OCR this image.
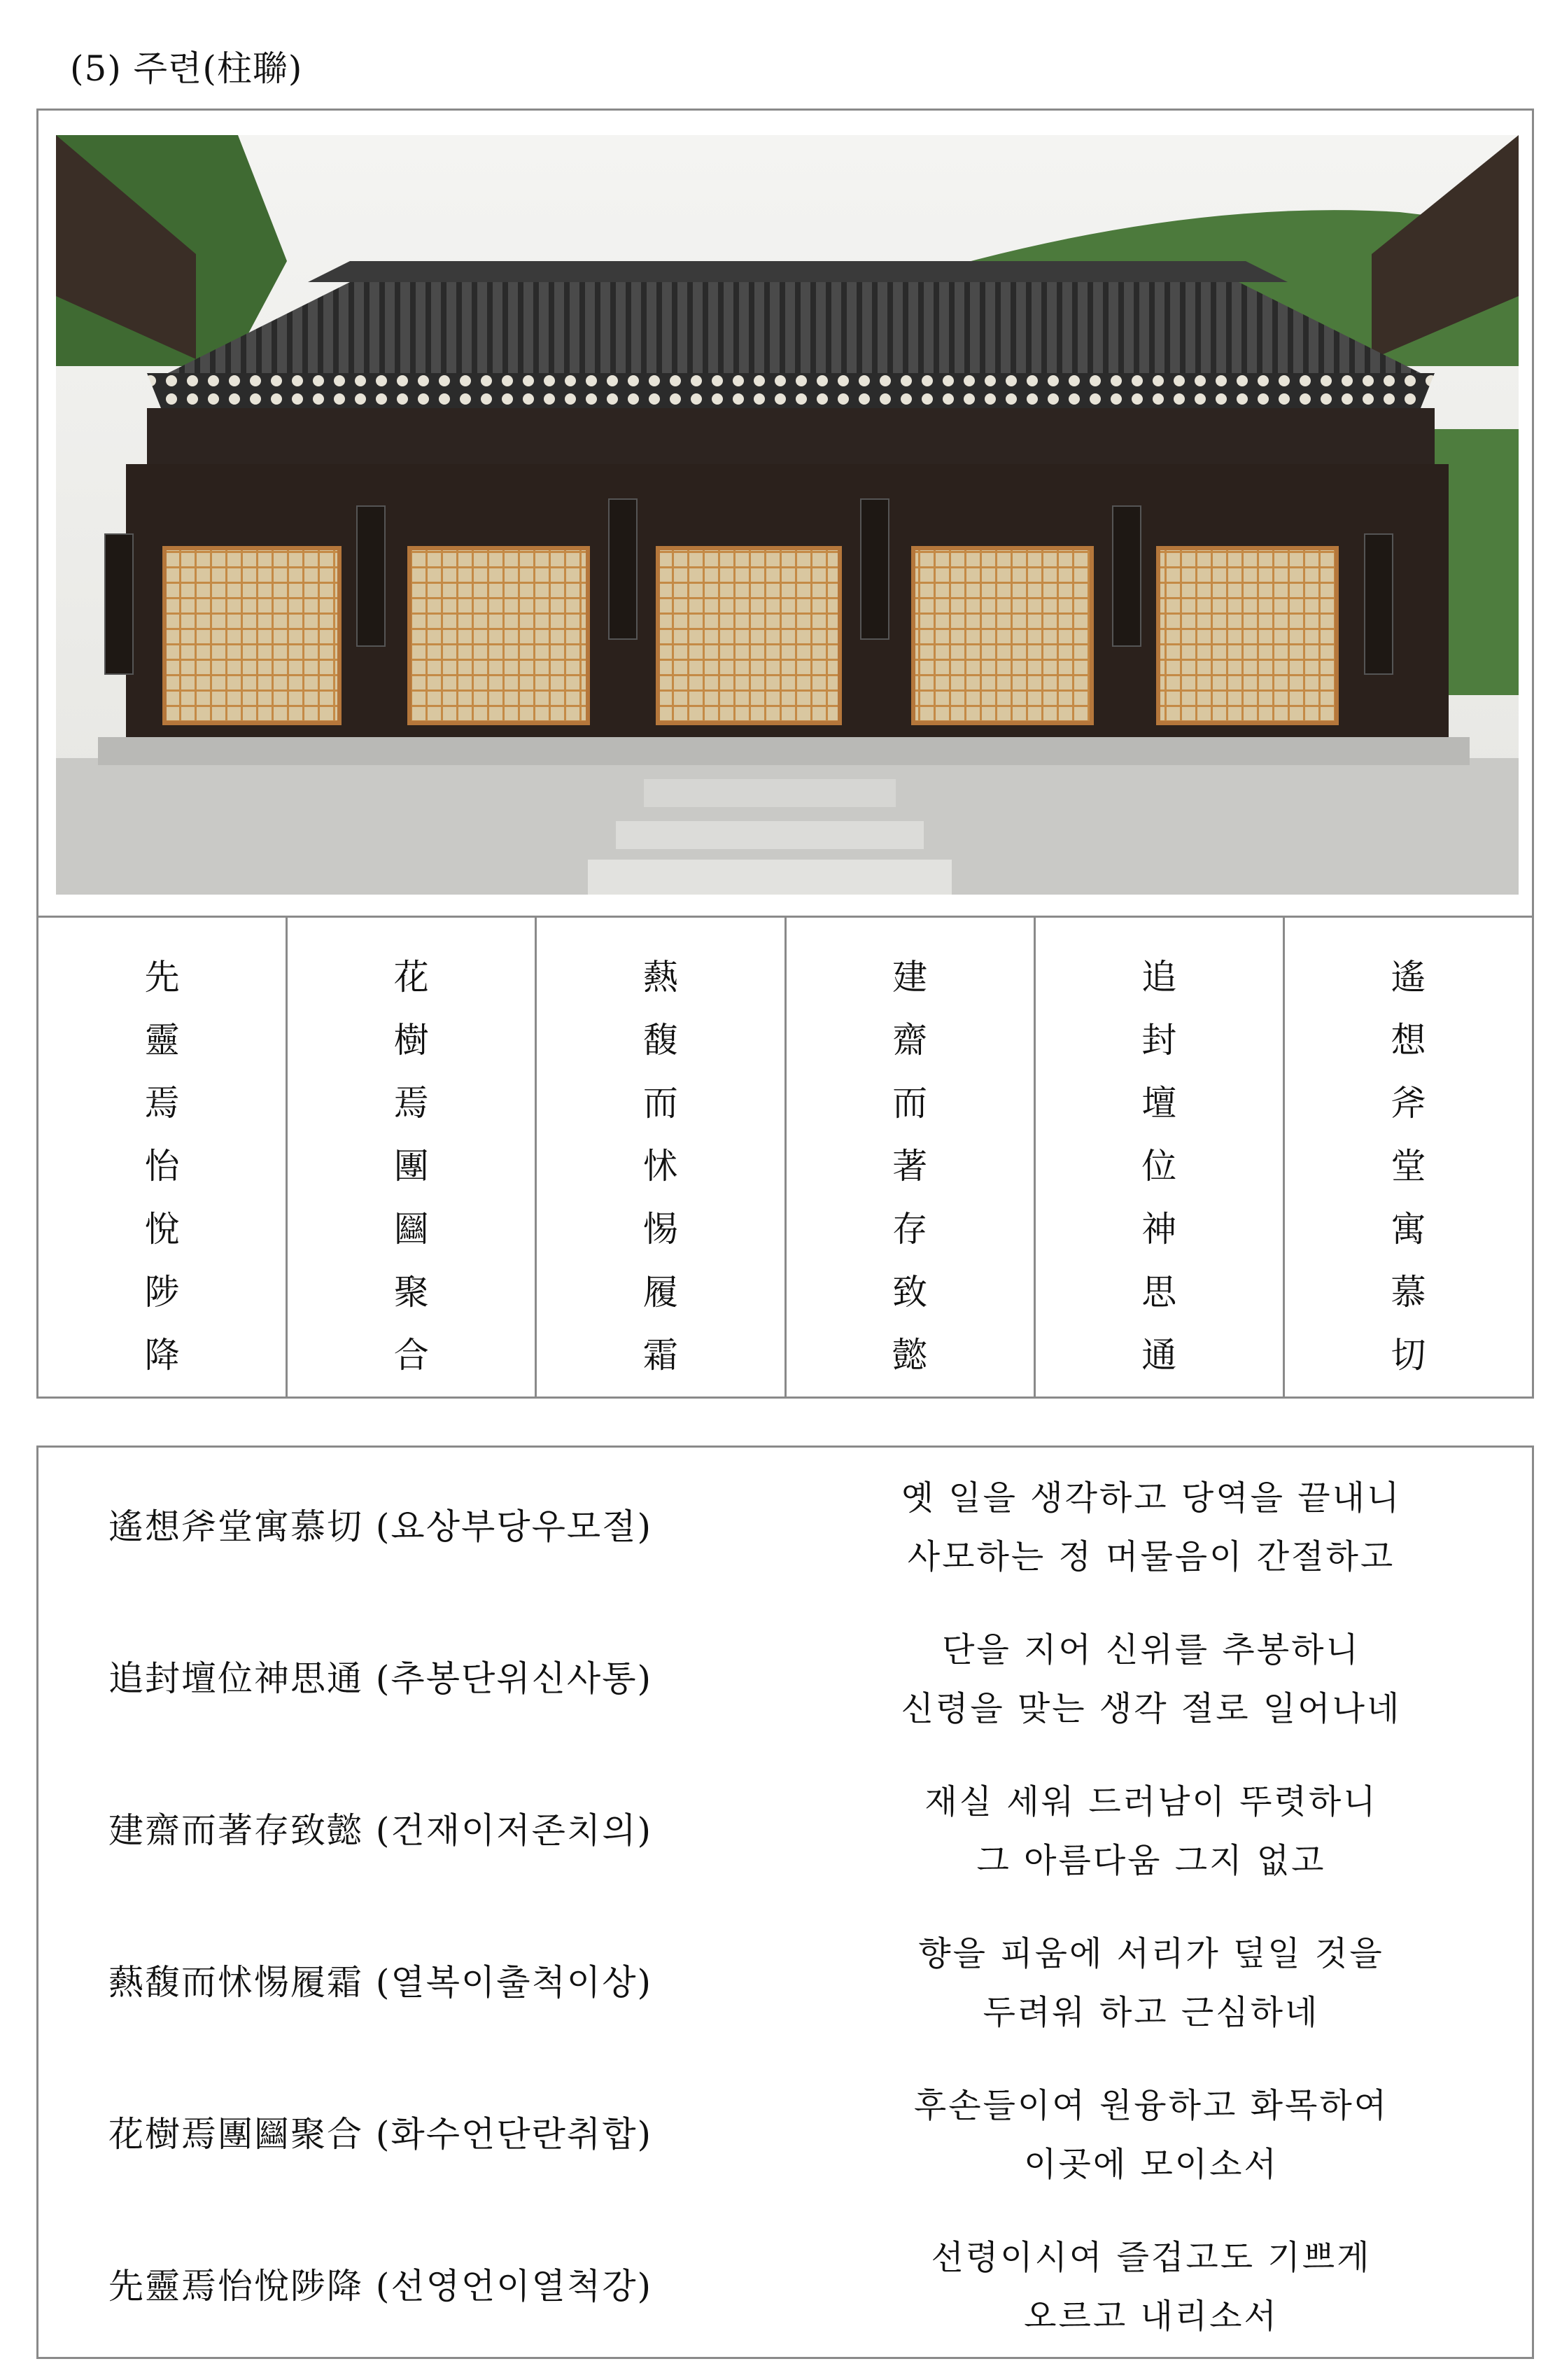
(5) 주련(柱聯)
先
靈
焉
怡
悅
陟
降
花
樹
焉
團
圝
聚
合
爇
馥
而
怵
惕
履
霜
建
齋
而
著
存
致
懿
追
封
壇
位
神
思
通
遙
想
斧
堂
寓
慕
切
遙想斧堂寓慕切 (요상부당우모절)
옛 일을 생각하고 당역을 끝내니
사모하는 정 머물음이 간절하고
追封壇位神思通 (추봉단위신사통)
단을 지어 신위를 추봉하니
신령을 맞는 생각 절로 일어나네
建齋而著存致懿 (건재이저존치의)
재실 세워 드러남이 뚜렷하니
그 아름다움 그지 없고
爇馥而怵惕履霜 (열복이출척이상)
향을 피움에 서리가 덮일 것을
두려워 하고 근심하네
花樹焉團圝聚合 (화수언단란취합)
후손들이여 원융하고 화목하여
이곳에 모이소서
先靈焉怡悅陟降 (선영언이열척강)
선령이시여 즐겁고도 기쁘게
오르고 내리소서
